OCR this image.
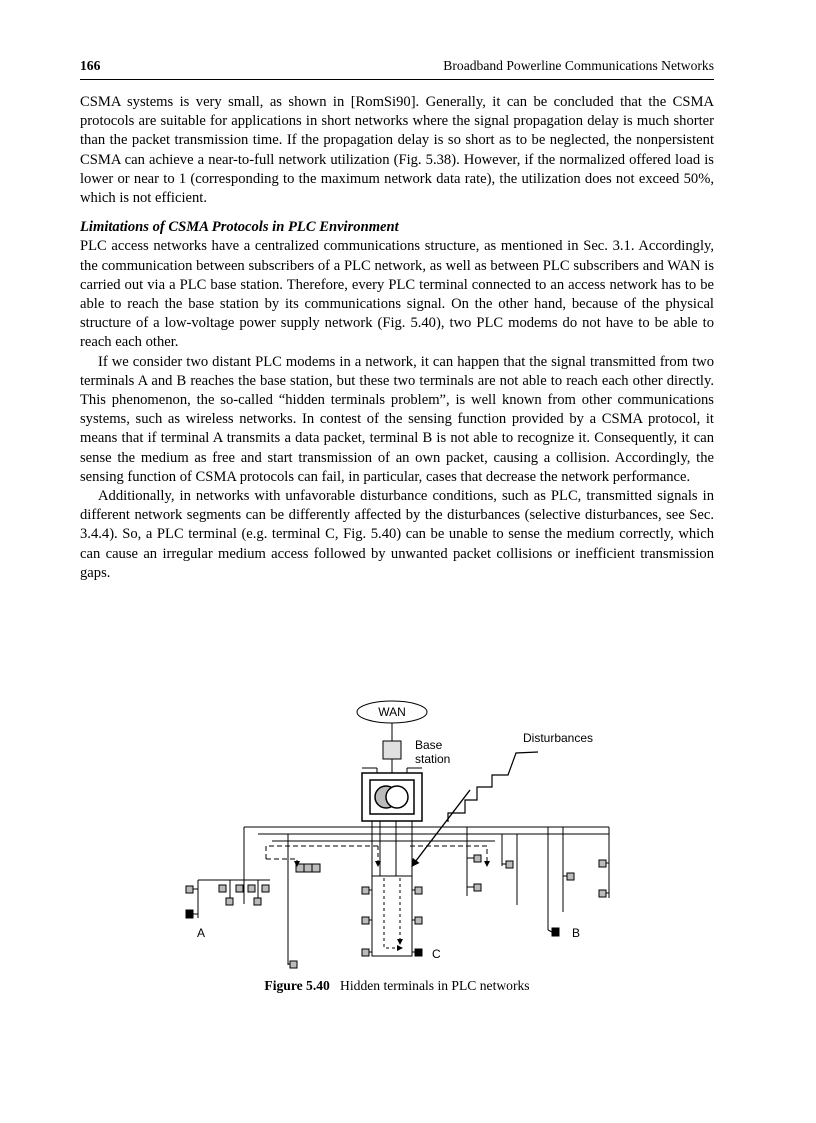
166	Broadband Powerline Communications Networks

CSMA systems is very small, as shown in [RomSi90]. Generally, it can be concluded that the CSMA protocols are suitable for applications in short networks where the signal propagation delay is much shorter than the packet transmission time. If the propagation delay is so short as to be neglected, the nonpersistent CSMA can achieve a near-to-full network utilization (Fig. 5.38). However, if the normalized offered load is lower or near to 1 (corresponding to the maximum network data rate), the utilization does not exceed 50%, which is not efficient.

Limitations of CSMA Protocols in PLC Environment

PLC access networks have a centralized communications structure, as mentioned in Sec. 3.1. Accordingly, the communication between subscribers of a PLC network, as well as between PLC subscribers and WAN is carried out via a PLC base station. Therefore, every PLC terminal connected to an access network has to be able to reach the base station by its communications signal. On the other hand, because of the physical structure of a low-voltage power supply network (Fig. 5.40), two PLC modems do not have to be able to reach each other.

If we consider two distant PLC modems in a network, it can happen that the signal transmitted from two terminals A and B reaches the base station, but these two terminals are not able to reach each other directly. This phenomenon, the so-called “hidden terminals problem”, is well known from other communications systems, such as wireless networks. In contest of the sensing function provided by a CSMA protocol, it means that if terminal A transmits a data packet, terminal B is not able to recognize it. Consequently, it can sense the medium as free and start transmission of an own packet, causing a collision. Accordingly, the sensing function of CSMA protocols can fail, in particular, cases that decrease the network performance.

Additionally, in networks with unfavorable disturbance conditions, such as PLC, transmitted signals in different network segments can be differently affected by the disturbances (selective disturbances, see Sec. 3.4.4). So, a PLC terminal (e.g. terminal C, Fig. 5.40) can be unable to sense the medium correctly, which can cause an irregular medium access followed by unwanted packet collisions or inefficient transmission gaps.

WAN
Base
station
A
C
B
Disturbances
Figure 5.40 Hidden terminals in PLC networks
